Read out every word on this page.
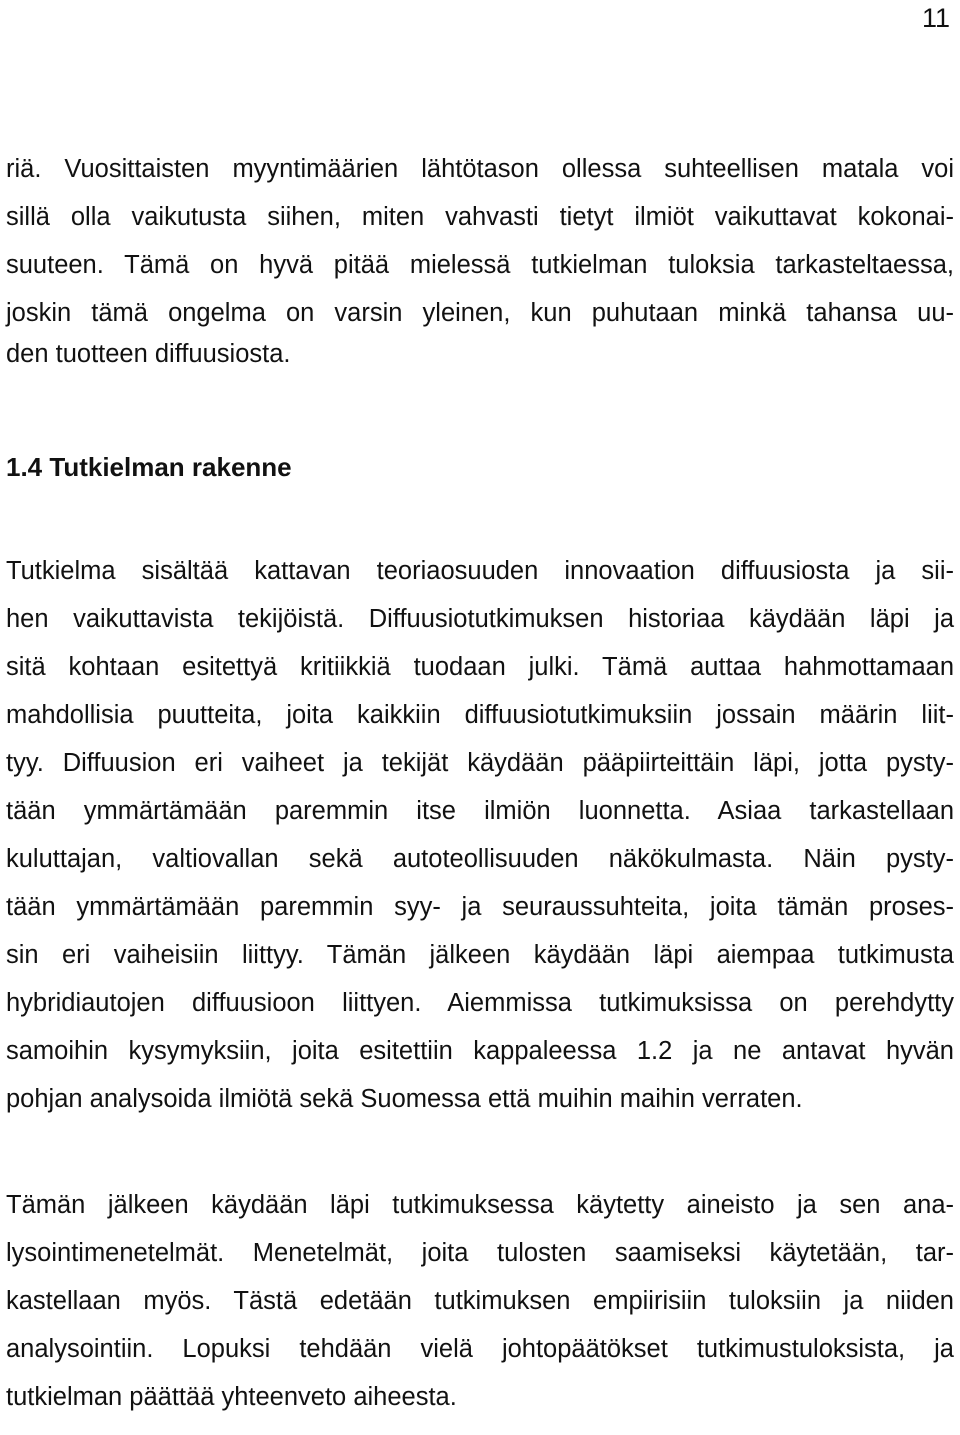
11
riä. Vuosittaisten myyntimäärien lähtötason ollessa suhteellisen matala voi
sillä olla vaikutusta siihen, miten vahvasti tietyt ilmiöt vaikuttavat kokonai-
suuteen. Tämä on hyvä pitää mielessä tutkielman tuloksia tarkasteltaessa,
joskin tämä ongelma on varsin yleinen, kun puhutaan minkä tahansa uu-
den tuotteen diffuusiosta.
1.4 Tutkielman rakenne
Tutkielma sisältää kattavan teoriaosuuden innovaation diffuusiosta ja sii-
hen vaikuttavista tekijöistä. Diffuusiotutkimuksen historiaa käydään läpi ja
sitä kohtaan esitettyä kritiikkiä tuodaan julki. Tämä auttaa hahmottamaan
mahdollisia puutteita, joita kaikkiin diffuusiotutkimuksiin jossain määrin liit-
tyy. Diffuusion eri vaiheet ja tekijät käydään pääpiirteittäin läpi, jotta pysty-
tään ymmärtämään paremmin itse ilmiön luonnetta. Asiaa tarkastellaan
kuluttajan, valtiovallan sekä autoteollisuuden näkökulmasta. Näin pysty-
tään ymmärtämään paremmin syy- ja seuraussuhteita, joita tämän proses-
sin eri vaiheisiin liittyy. Tämän jälkeen käydään läpi aiempaa tutkimusta
hybridiautojen diffuusioon liittyen. Aiemmissa tutkimuksissa on perehdytty
samoihin kysymyksiin, joita esitettiin kappaleessa 1.2 ja ne antavat hyvän
pohjan analysoida ilmiötä sekä Suomessa että muihin maihin verraten.
Tämän jälkeen käydään läpi tutkimuksessa käytetty aineisto ja sen ana-
lysointimenetelmät. Menetelmät, joita tulosten saamiseksi käytetään, tar-
kastellaan myös. Tästä edetään tutkimuksen empiirisiin tuloksiin ja niiden
analysointiin. Lopuksi tehdään vielä johtopäätökset tutkimustuloksista, ja
tutkielman päättää yhteenveto aiheesta.
